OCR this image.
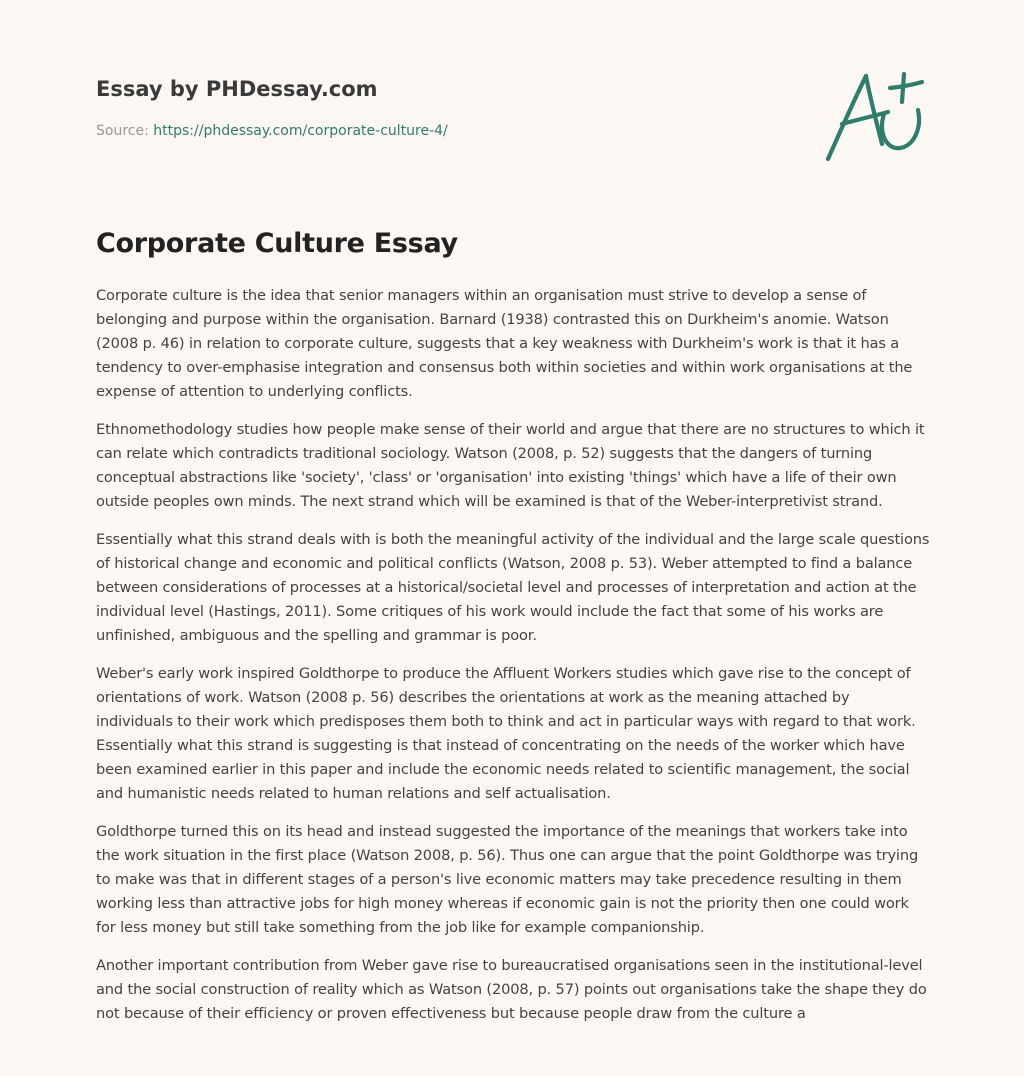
Essay by PHDessay.com
Source: https://phdessay.com/corporate-culture-4/
Corporate Culture Essay

Corporate culture is the idea that senior managers within an organisation must strive to develop a sense of belonging and purpose within the organisation. Barnard (1938) contrasted this on Durkheim's anomie. Watson (2008 p. 46) in relation to corporate culture, suggests that a key weakness with Durkheim's work is that it has a tendency to over-emphasise integration and consensus both within societies and within work organisations at the expense of attention to underlying conflicts.

Ethnomethodology studies how people make sense of their world and argue that there are no structures to which it can relate which contradicts traditional sociology. Watson (2008, p. 52) suggests that the dangers of turning conceptual abstractions like 'society', 'class' or 'organisation' into existing 'things' which have a life of their own outside peoples own minds. The next strand which will be examined is that of the Weber-interpretivist strand.

Essentially what this strand deals with is both the meaningful activity of the individual and the large scale questions of historical change and economic and political conflicts (Watson, 2008 p. 53). Weber attempted to find a balance between considerations of processes at a historical/societal level and processes of interpretation and action at the individual level (Hastings, 2011). Some critiques of his work would include the fact that some of his works are unfinished, ambiguous and the spelling and grammar is poor.

Weber's early work inspired Goldthorpe to produce the Affluent Workers studies which gave rise to the concept of orientations of work. Watson (2008 p. 56) describes the orientations at work as the meaning attached by individuals to their work which predisposes them both to think and act in particular ways with regard to that work. Essentially what this strand is suggesting is that instead of concentrating on the needs of the worker which have been examined earlier in this paper and include the economic needs related to scientific management, the social and humanistic needs related to human relations and self actualisation.

Goldthorpe turned this on its head and instead suggested the importance of the meanings that workers take into the work situation in the first place (Watson 2008, p. 56). Thus one can argue that the point Goldthorpe was trying to make was that in different stages of a person's live economic matters may take precedence resulting in them working less than attractive jobs for high money whereas if economic gain is not the priority then one could work for less money but still take something from the job like for example companionship.

Another important contribution from Weber gave rise to bureaucratised organisations seen in the institutional-level and the social construction of reality which as Watson (2008, p. 57) points out organisations take the shape they do not because of their efficiency or proven effectiveness but because people draw from the culture a
